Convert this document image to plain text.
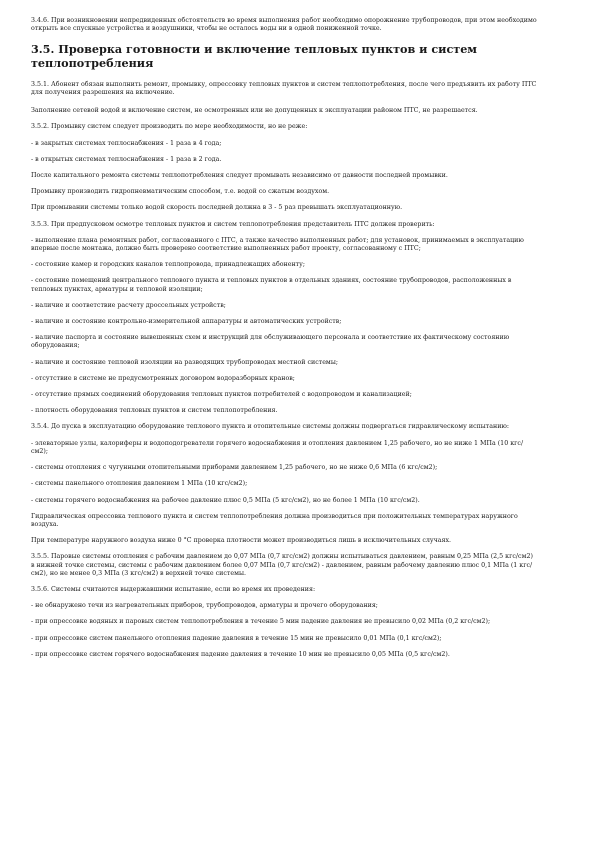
3.4.6. При возникновении непредвиденных обстоятельств во время выполнения работ необходимо опорожнение трубопроводов, при этом необходимо открыть все спускные устройства и воздушники, чтобы не осталось воды ни в одной пониженной точке.

3.5. Проверка готовности и включение тепловых пунктов и систем теплопотребления

3.5.1. Абонент обязан выполнить ремонт, промывку, опрессовку тепловых пунктов и систем теплопотребления, после чего предъявить их работу ПТС для получения разрешения на включение.

Заполнение сетевой водой и включение систем, не осмотренных или не допущенных к эксплуатации районом ПТС, не разрешается.

3.5.2. Промывку систем следует производить по мере необходимости, но не реже:

- в закрытых системах теплоснабжения - 1 раза в 4 года;

- в открытых системах теплоснабжения - 1 раза в 2 года.

После капитального ремонта системы теплопотребления следует промывать независимо от давности последней промывки.

Промывку производить гидропневматическим способом, т.е. водой со сжатым воздухом.

При промывании системы только водой скорость последней должна в 3 - 5 раз превышать эксплуатационную.

3.5.3. При предпусковом осмотре тепловых пунктов и систем теплопотребления представитель ПТС должен проверить:

- выполнение плана ремонтных работ, согласованного с ПТС, а также качество выполненных работ; для установок, принимаемых в эксплуатацию впервые после монтажа, должно быть проверено соответствие выполненных работ проекту, согласованному с ПТС;

- состояние камер и городских каналов теплопровода, принадлежащих абоненту;

- состояние помещений центрального теплового пункта и тепловых пунктов в отдельных зданиях, состояние трубопроводов, расположенных в тепловых пунктах, арматуры и тепловой изоляции;

- наличие и соответствие расчету дроссельных устройств;

- наличие и состояние контрольно-измерительной аппаратуры и автоматических устройств;

- наличие паспорта и состояние вывешенных схем и инструкций для обслуживающего персонала и соответствие их фактическому состоянию оборудования;

- наличие и состояние тепловой изоляции на разводящих трубопроводах местной системы;

- отсутствие в системе не предусмотренных договором водоразборных кранов;

- отсутствие прямых соединений оборудования тепловых пунктов потребителей с водопроводом и канализацией;

- плотность оборудования тепловых пунктов и систем теплопотребления.

3.5.4. До пуска в эксплуатацию оборудование теплового пункта и отопительные системы должны подвергаться гидравлическому испытанию:

- элеваторные узлы, калориферы и водоподогреватели горячего водоснабжения и отопления давлением 1,25 рабочего, но не ниже 1 МПа (10 кгс/см2);

- системы отопления с чугунными отопительными приборами давлением 1,25 рабочего, но не ниже 0,6 МПа (6 кгс/см2);

- системы панельного отопления давлением 1 МПа (10 кгс/см2);

- системы горячего водоснабжения на рабочее давление плюс 0,5 МПа (5 кгс/см2), но не более 1 МПа (10 кгс/см2).

Гидравлическая опрессовка теплового пункта и систем теплопотребления должна производиться при положительных температурах наружного воздуха.

При температуре наружного воздуха ниже 0 °С проверка плотности может производиться лишь в исключительных случаях.

3.5.5. Паровые системы отопления с рабочим давлением до 0,07 МПа (0,7 кгс/см2) должны испытываться давлением, равным 0,25 МПа (2,5 кгс/см2) в нижней точке системы, системы с рабочим давлением более 0,07 МПа (0,7 кгс/см2) - давлением, равным рабочему давлению плюс 0,1 МПа (1 кгс/см2), но не менее 0,3 МПа (3 кгс/см2) в верхней точке системы.

3.5.6. Системы считаются выдержавшими испытание, если во время их проведения:

- не обнаружено течи из нагревательных приборов, трубопроводов, арматуры и прочего оборудования;

- при опрессовке водяных и паровых систем теплопотребления в течение 5 мин падение давления не превысило 0,02 МПа (0,2 кгс/см2);

- при опрессовке систем панельного отопления падение давления в течение 15 мин не превысило 0,01 МПа (0,1 кгс/см2);

- при опрессовке систем горячего водоснабжения падение давления в течение 10 мин не превысило 0,05 МПа (0,5 кгс/см2).
